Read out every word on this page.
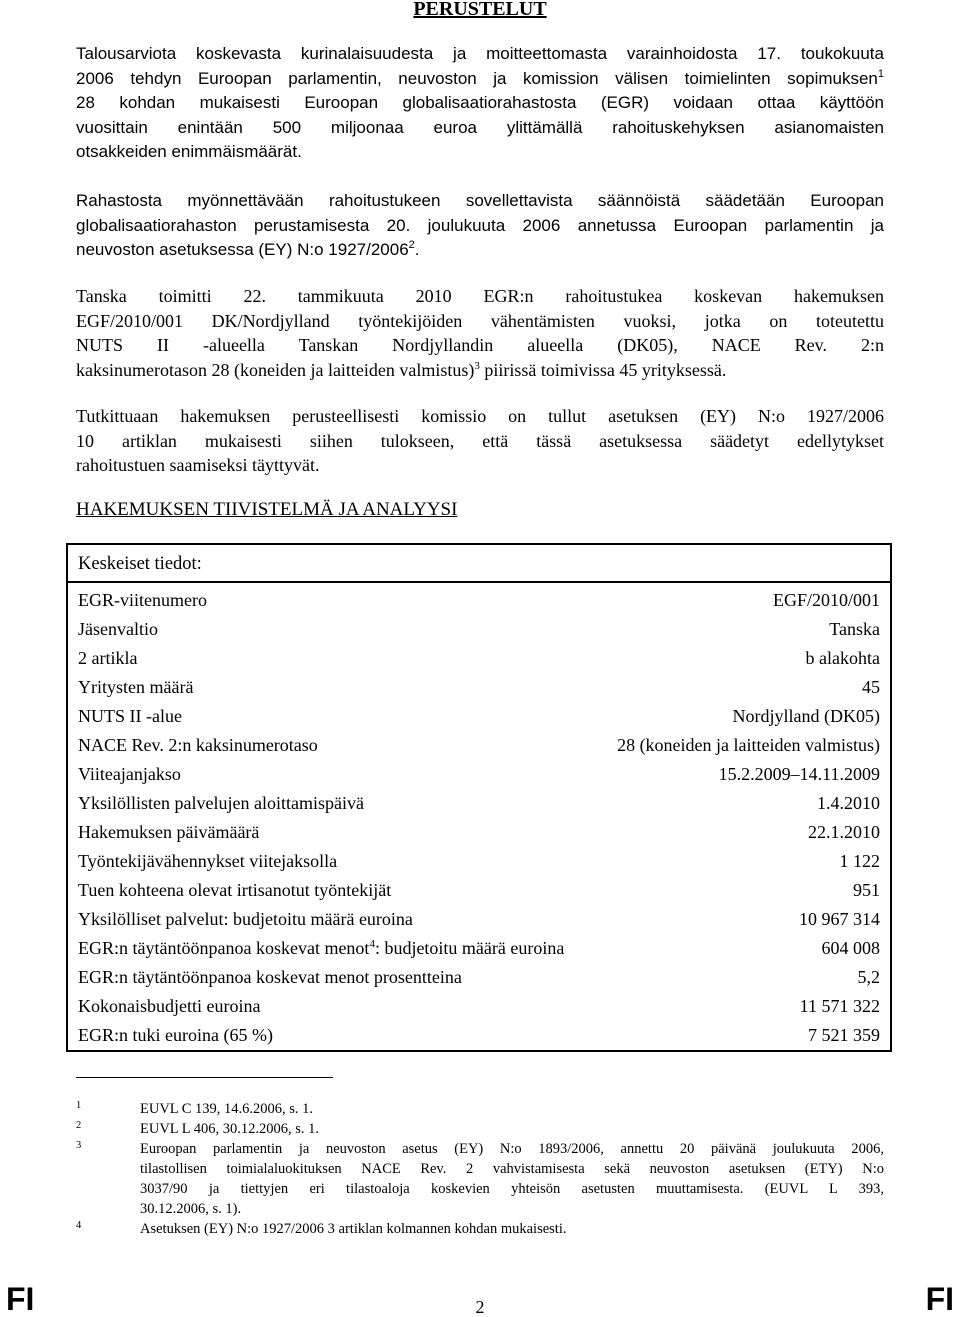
PERUSTELUT
Talousarviota koskevasta kurinalaisuudesta ja moitteettomasta varainhoidosta 17. toukokuuta
2006 tehdyn Euroopan parlamentin, neuvoston ja komission välisen toimielinten sopimuksen$^1$
28 kohdan mukaisesti Euroopan globalisaatiorahastosta (EGR) voidaan ottaa käyttöön
vuosittain enintään 500 miljoonaa euroa ylittämällä rahoituskehyksen asianomaisten
otsakkeiden enimmäismäärät.
Rahastosta myönnettävään rahoitustukeen sovellettavista säännöistä säädetään Euroopan
globalisaatiorahaston perustamisesta 20. joulukuuta 2006 annetussa Euroopan parlamentin ja
neuvoston asetuksessa (EY) N:o 1927/2006$^2$.
Tanska toimitti 22. tammikuuta 2010 EGR:n rahoitustukea koskevan hakemuksen
EGF/2010/001 DK/Nordjylland työntekijöiden vähentämisten vuoksi, jotka on toteutettu
NUTS II -alueella Tanskan Nordjyllandin alueella (DK05), NACE Rev. 2:n
kaksinumerotason 28 (koneiden ja laitteiden valmistus)$^3$ piirissä toimivissa 45 yrityksessä.
Tutkittuaan hakemuksen perusteellisesti komissio on tullut asetuksen (EY) N:o 1927/2006
10 artiklan mukaisesti siihen tulokseen, että tässä asetuksessa säädetyt edellytykset
rahoitustuen saamiseksi täyttyvät.
HAKEMUKSEN TIIVISTELMÄ JA ANALYYSI
Keskeiset tiedot:
EGR-viitenumero	EGF/2010/001
Jäsenvaltio	Tanska
2 artikla	b alakohta
Yritysten määrä	45
NUTS II -alue	Nordjylland (DK05)
NACE Rev. 2:n kaksinumerotaso	28 (koneiden ja laitteiden valmistus)
Viiteajanjakso	15.2.2009–14.11.2009
Yksilöllisten palvelujen aloittamispäivä	1.4.2010
Hakemuksen päivämäärä	22.1.2010
Työntekijävähennykset viitejaksolla	1 122
Tuen kohteena olevat irtisanotut työntekijät	951
Yksilölliset palvelut: budjetoitu määrä euroina	10 967 314
EGR:n täytäntöönpanoa koskevat menot$^4$: budjetoitu määrä euroina	604 008
EGR:n täytäntöönpanoa koskevat menot prosentteina	5,2
Kokonaisbudjetti euroina	11 571 322
EGR:n tuki euroina (65 %)	7 521 359
1	EUVL C 139, 14.6.2006, s. 1.
2	EUVL L 406, 30.12.2006, s. 1.
3	Euroopan parlamentin ja neuvoston asetus (EY) N:o 1893/2006, annettu 20 päivänä joulukuuta 2006,
tilastollisen toimialaluokituksen NACE Rev. 2 vahvistamisesta sekä neuvoston asetuksen (ETY) N:o
3037/90 ja tiettyjen eri tilastoaloja koskevien yhteisön asetusten muuttamisesta. (EUVL L 393,
30.12.2006, s. 1).
4	Asetuksen (EY) N:o 1927/2006 3 artiklan kolmannen kohdan mukaisesti.
FI	2	FI
